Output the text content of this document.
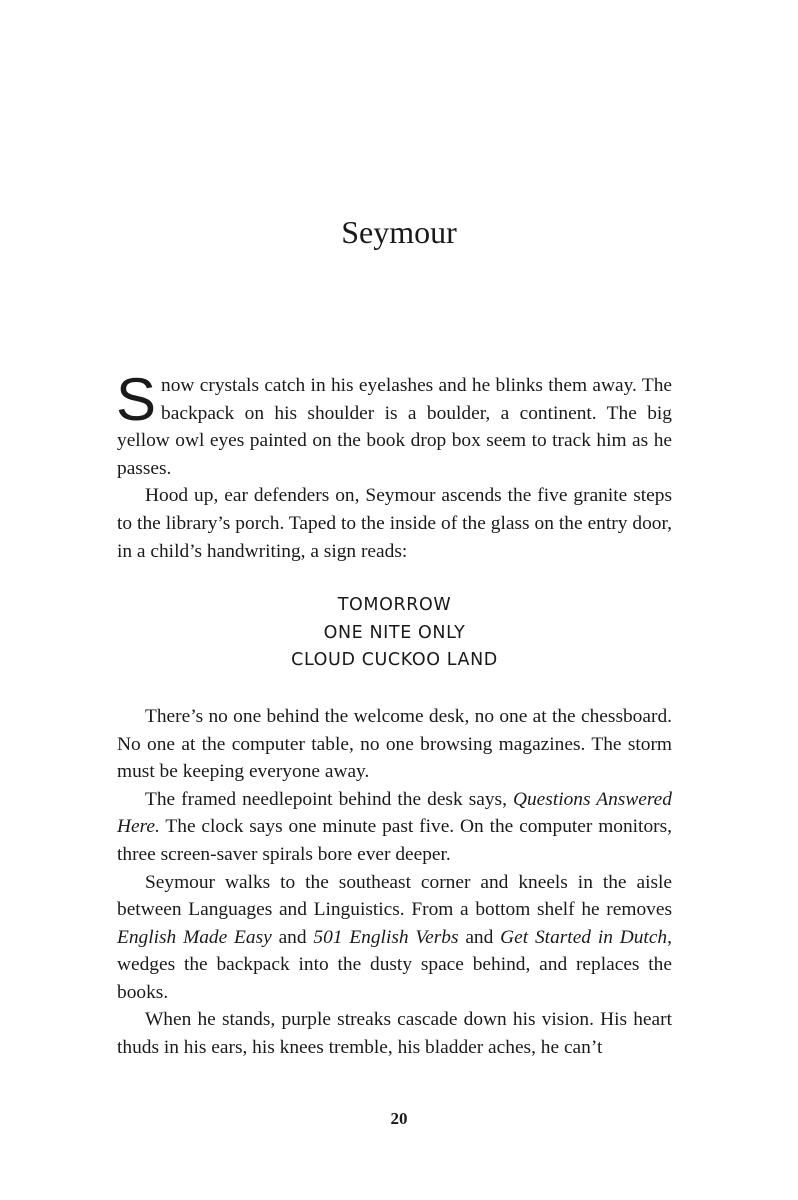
Seymour

Snow crystals catch in his eyelashes and he blinks them away. The backpack on his shoulder is a boulder, a continent. The big yellow owl eyes painted on the book drop box seem to track him as he passes.

Hood up, ear defenders on, Seymour ascends the five granite steps to the library’s porch. Taped to the inside of the glass on the entry door, in a child’s handwriting, a sign reads:

TOMORROW
ONE NITE ONLY
CLOUD CUCKOO LAND

There’s no one behind the welcome desk, no one at the chessboard. No one at the computer table, no one browsing magazines. The storm must be keeping everyone away.

The framed needlepoint behind the desk says, Questions Answered Here. The clock says one minute past five. On the computer monitors, three screen-saver spirals bore ever deeper.

Seymour walks to the southeast corner and kneels in the aisle between Languages and Linguistics. From a bottom shelf he removes English Made Easy and 501 English Verbs and Get Started in Dutch, wedges the backpack into the dusty space behind, and replaces the books.

When he stands, purple streaks cascade down his vision. His heart thuds in his ears, his knees tremble, his bladder aches, he can’t

20
